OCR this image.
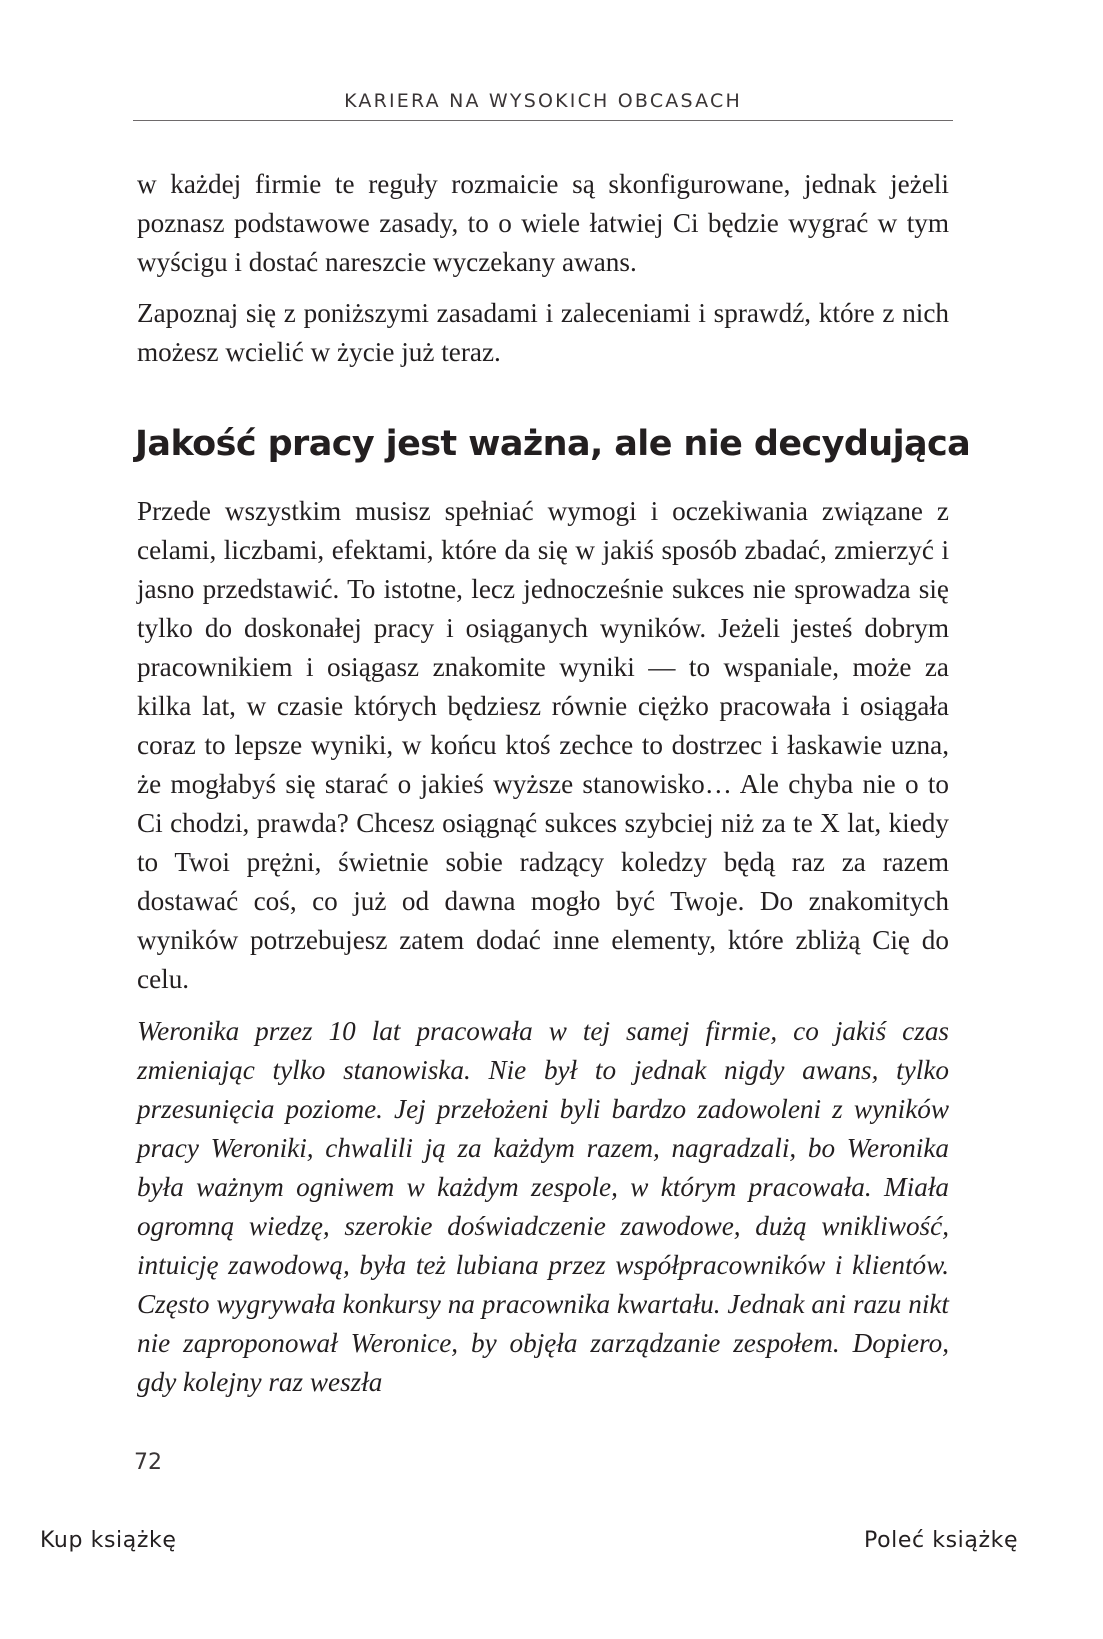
KARIERA NA WYSOKICH OBCASACH

w każdej firmie te reguły rozmaicie są skonfigurowane, jednak jeżeli poznasz podstawowe zasady, to o wiele łatwiej Ci będzie wygrać w tym wyścigu i dostać nareszcie wyczekany awans.

Zapoznaj się z poniższymi zasadami i zaleceniami i sprawdź, które z nich możesz wcielić w życie już teraz.

Jakość pracy jest ważna, ale nie decydująca

Przede wszystkim musisz spełniać wymogi i oczekiwania związane z celami, liczbami, efektami, które da się w jakiś sposób zbadać, zmierzyć i jasno przedstawić. To istotne, lecz jednocześnie sukces nie sprowadza się tylko do doskonałej pracy i osiąganych wyników. Jeżeli jesteś dobrym pracownikiem i osiągasz znakomite wyniki — to wspaniale, może za kilka lat, w czasie których będziesz równie ciężko pracowała i osiągała coraz to lepsze wyniki, w końcu ktoś zechce to dostrzec i łaskawie uzna, że mogłabyś się starać o jakieś wyższe stanowisko… Ale chyba nie o to Ci chodzi, prawda? Chcesz osiągnąć sukces szybciej niż za te X lat, kiedy to Twoi prężni, świetnie sobie radzący koledzy będą raz za razem dostawać coś, co już od dawna mogło być Twoje. Do znakomitych wyników potrzebujesz zatem dodać inne elementy, które zbliżą Cię do celu.

Weronika przez 10 lat pracowała w tej samej firmie, co jakiś czas zmieniając tylko stanowiska. Nie był to jednak nigdy awans, tylko przesunięcia poziome. Jej przełożeni byli bardzo zadowoleni z wyników pracy Weroniki, chwalili ją za każdym razem, nagradzali, bo Weronika była ważnym ogniwem w każdym zespole, w którym pracowała. Miała ogromną wiedzę, szerokie doświadczenie zawodowe, dużą wnikliwość, intuicję zawodową, była też lubiana przez współpracowników i klientów. Często wygrywała konkursy na pracownika kwartału. Jednak ani razu nikt nie zaproponował Weronice, by objęła zarządzanie zespołem. Dopiero, gdy kolejny raz weszła

72
Kup książkę	Poleć książkę
